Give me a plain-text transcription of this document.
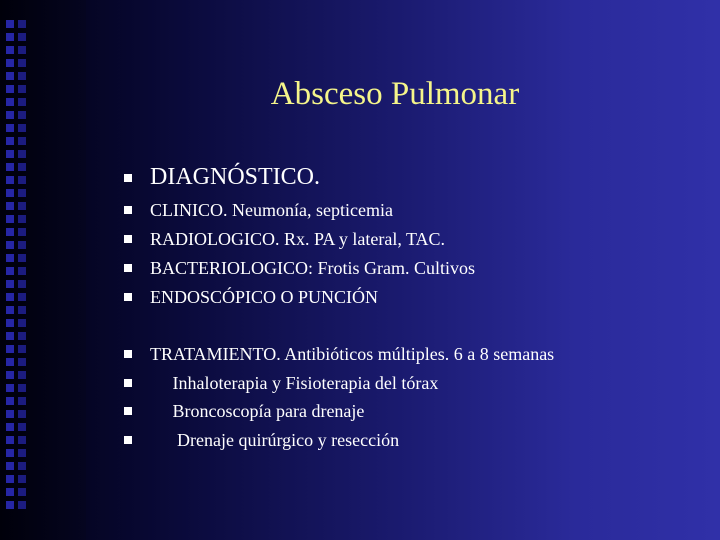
Absceso Pulmonar
DIAGNÓSTICO.
CLINICO. Neumonía, septicemia
RADIOLOGICO. Rx. PA y lateral, TAC.
BACTERIOLOGICO: Frotis Gram. Cultivos
ENDOSCÓPICO O PUNCIÓN
TRATAMIENTO. Antibióticos múltiples. 6 a 8 semanas
Inhaloterapia y Fisioterapia del tórax
Broncoscopía para drenaje
Drenaje quirúrgico y resección
